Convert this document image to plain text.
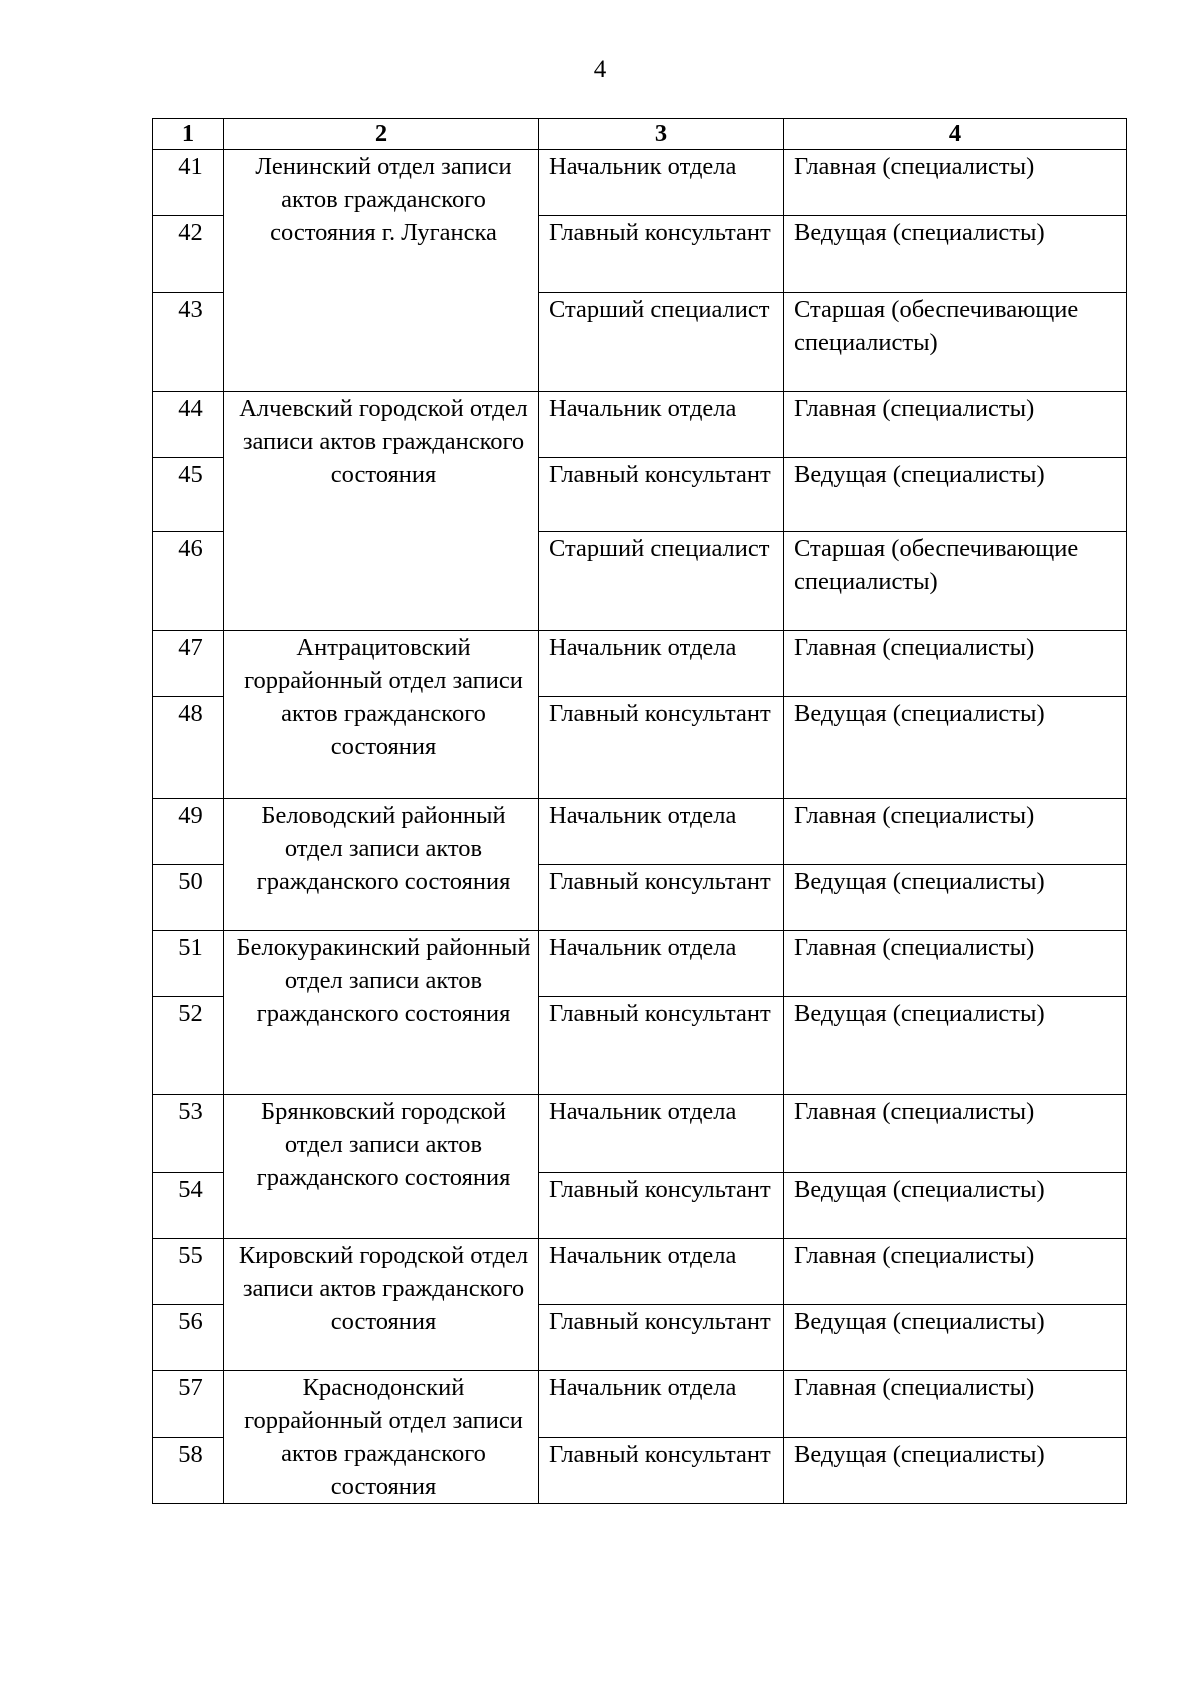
4
1	2	3	4
41	Ленинский отдел записи актов гражданского состояния г. Луганска	Начальник отдела	Главная (специалисты)
42		Главный консультант	Ведущая (специалисты)
43		Старший специалист	Старшая (обеспечивающие специалисты)
44	Алчевский городской отдел записи актов гражданского состояния	Начальник отдела	Главная (специалисты)
45		Главный консультант	Ведущая (специалисты)
46		Старший специалист	Старшая (обеспечивающие специалисты)
47	Антрацитовский горрайонный отдел записи актов гражданского состояния	Начальник отдела	Главная (специалисты)
48		Главный консультант	Ведущая (специалисты)
49	Беловодский районный отдел записи актов гражданского состояния	Начальник отдела	Главная (специалисты)
50		Главный консультант	Ведущая (специалисты)
51	Белокуракинский районный отдел записи актов гражданского состояния	Начальник отдела	Главная (специалисты)
52		Главный консультант	Ведущая (специалисты)
53	Брянковский городской отдел записи актов гражданского состояния	Начальник отдела	Главная (специалисты)
54		Главный консультант	Ведущая (специалисты)
55	Кировский городской отдел записи актов гражданского состояния	Начальник отдела	Главная (специалисты)
56		Главный консультант	Ведущая (специалисты)
57	Краснодонский горрайонный отдел записи актов гражданского состояния	Начальник отдела	Главная (специалисты)
58		Главный консультант	Ведущая (специалисты)
